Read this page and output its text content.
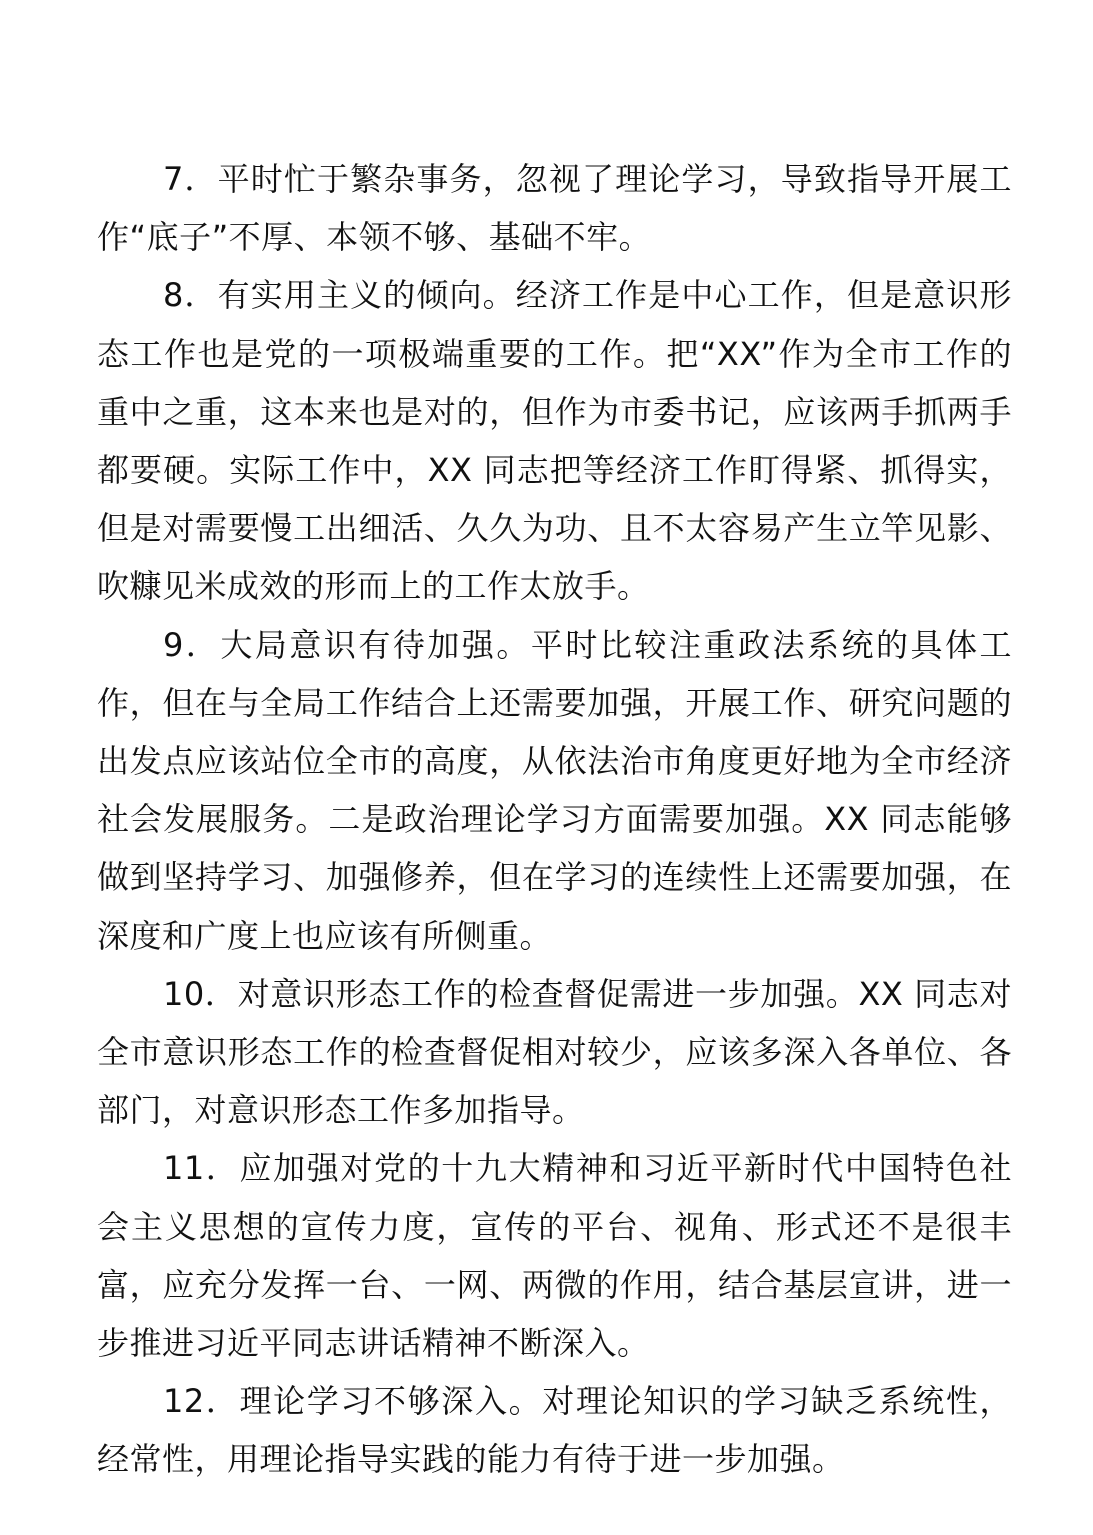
7．平时忙于繁杂事务，忽视了理论学习，导致指导开展工作“底子”不厚、本领不够、基础不牢。

8．有实用主义的倾向。经济工作是中心工作，但是意识形态工作也是党的一项极端重要的工作。把“XX”作为全市工作的重中之重，这本来也是对的，但作为市委书记，应该两手抓两手都要硬。实际工作中，XX 同志把等经济工作盯得紧、抓得实，但是对需要慢工出细活、久久为功、且不太容易产生立竿见影、吹糠见米成效的形而上的工作太放手。

9．大局意识有待加强。平时比较注重政法系统的具体工作，但在与全局工作结合上还需要加强，开展工作、研究问题的出发点应该站位全市的高度，从依法治市角度更好地为全市经济社会发展服务。二是政治理论学习方面需要加强。XX 同志能够做到坚持学习、加强修养，但在学习的连续性上还需要加强，在深度和广度上也应该有所侧重。

10．对意识形态工作的检查督促需进一步加强。XX 同志对全市意识形态工作的检查督促相对较少，应该多深入各单位、各部门，对意识形态工作多加指导。

11．应加强对党的十九大精神和习近平新时代中国特色社会主义思想的宣传力度，宣传的平台、视角、形式还不是很丰富，应充分发挥一台、一网、两微的作用，结合基层宣讲，进一步推进习近平同志讲话精神不断深入。

12．理论学习不够深入。对理论知识的学习缺乏系统性，经常性，用理论指导实践的能力有待于进一步加强。
